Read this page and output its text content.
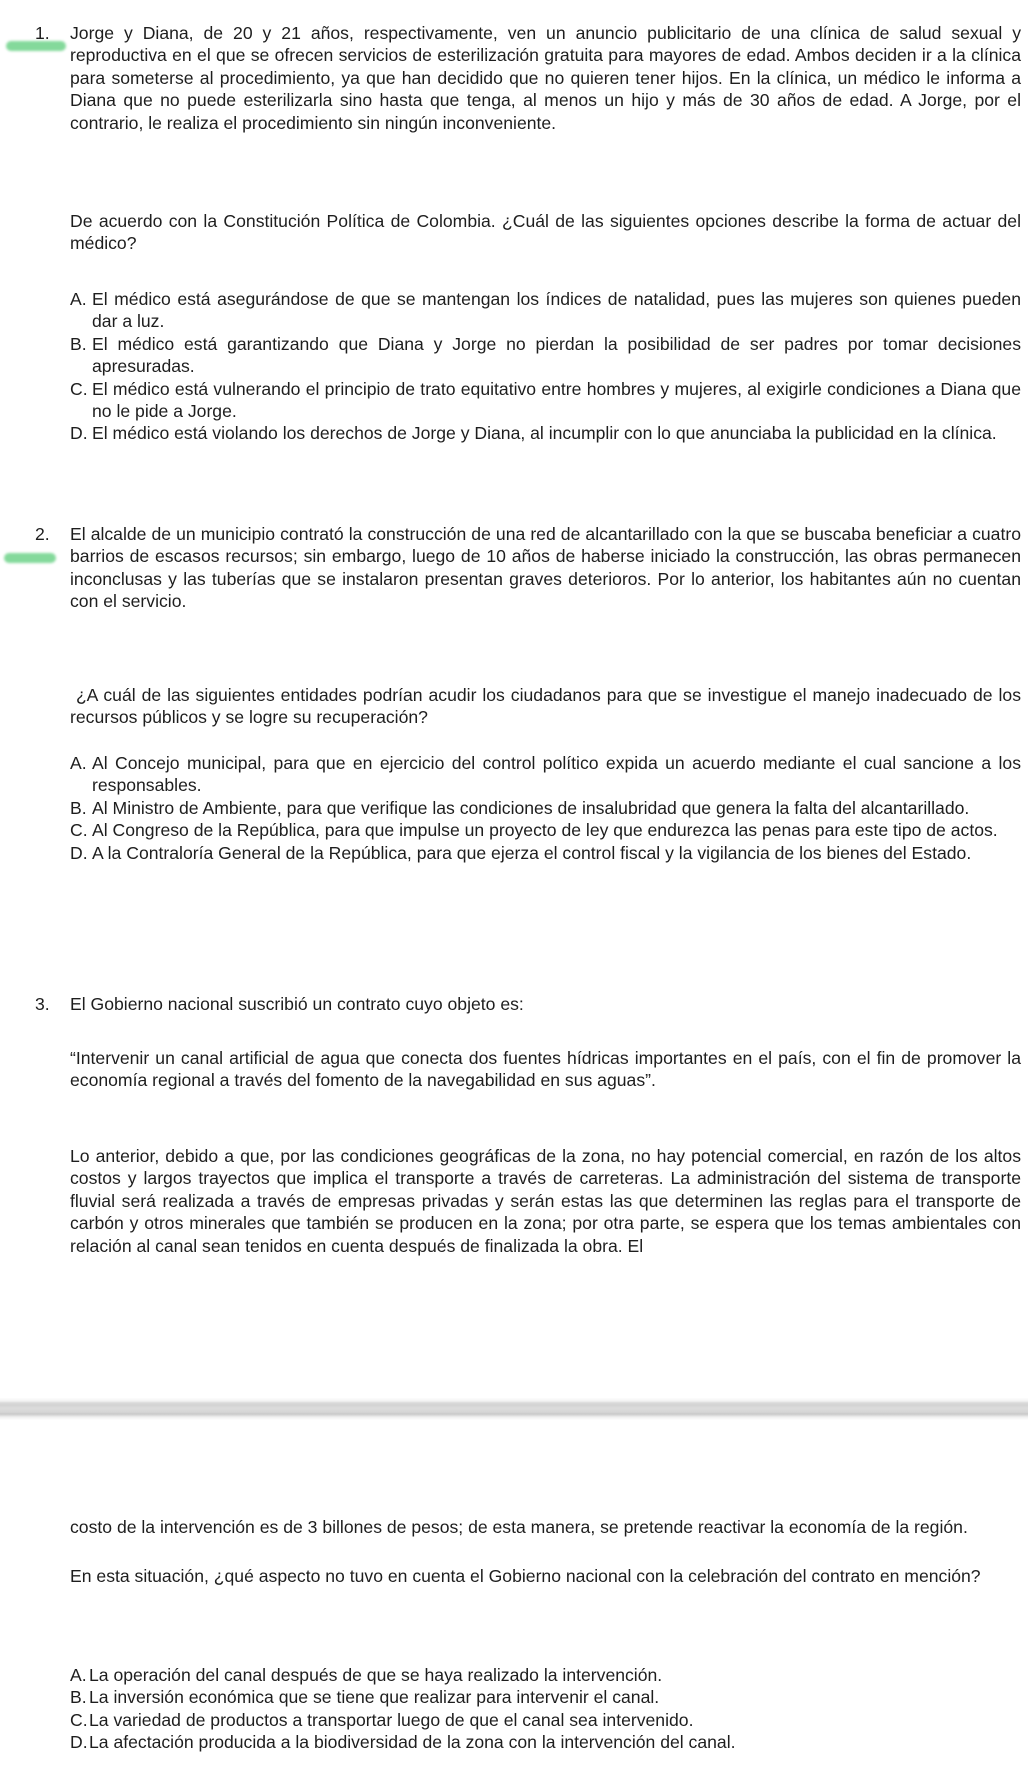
1.	Jorge y Diana, de 20 y 21 años, respectivamente, ven un anuncio publicitario de una clínica de salud sexual y reproductiva en el que se ofrecen servicios de esterilización gratuita para mayores de edad. Ambos deciden ir a la clínica para someterse al procedimiento, ya que han decidido que no quieren tener hijos. En la clínica, un médico le informa a Diana que no puede esterilizarla sino hasta que tenga, al menos un hijo y más de 30 años de edad. A Jorge, por el contrario, le realiza el procedimiento sin ningún inconveniente.
De acuerdo con la Constitución Política de Colombia. ¿Cuál de las siguientes opciones describe la forma de actuar del médico?
A. El médico está asegurándose de que se mantengan los índices de natalidad, pues las mujeres son quienes pueden dar a luz.
B. El médico está garantizando que Diana y Jorge no pierdan la posibilidad de ser padres por tomar decisiones apresuradas.
C. El médico está vulnerando el principio de trato equitativo entre hombres y mujeres, al exigirle condiciones a Diana que no le pide a Jorge.
D. El médico está violando los derechos de Jorge y Diana, al incumplir con lo que anunciaba la publicidad en la clínica.
2.	El alcalde de un municipio contrató la construcción de una red de alcantarillado con la que se buscaba beneficiar a cuatro barrios de escasos recursos; sin embargo, luego de 10 años de haberse iniciado la construcción, las obras permanecen inconclusas y las tuberías que se instalaron presentan graves deterioros. Por lo anterior, los habitantes aún no cuentan con el servicio.
¿A cuál de las siguientes entidades podrían acudir los ciudadanos para que se investigue el manejo inadecuado de los recursos públicos y se logre su recuperación?
A. Al Concejo municipal, para que en ejercicio del control político expida un acuerdo mediante el cual sancione a los responsables.
B. Al Ministro de Ambiente, para que verifique las condiciones de insalubridad que genera la falta del alcantarillado.
C. Al Congreso de la República, para que impulse un proyecto de ley que endurezca las penas para este tipo de actos.
D. A la Contraloría General de la República, para que ejerza el control fiscal y la vigilancia de los bienes del Estado.
3.	El Gobierno nacional suscribió un contrato cuyo objeto es:
“Intervenir un canal artificial de agua que conecta dos fuentes hídricas importantes en el país, con el fin de promover la economía regional a través del fomento de la navegabilidad en sus aguas”.
Lo anterior, debido a que, por las condiciones geográficas de la zona, no hay potencial comercial, en razón de los altos costos y largos trayectos que implica el transporte a través de carreteras. La administración del sistema de transporte fluvial será realizada a través de empresas privadas y serán estas las que determinen las reglas para el transporte de carbón y otros minerales que también se producen en la zona; por otra parte, se espera que los temas ambientales con relación al canal sean tenidos en cuenta después de finalizada la obra. El
costo de la intervención es de 3 billones de pesos; de esta manera, se pretende reactivar la economía de la región.
En esta situación, ¿qué aspecto no tuvo en cuenta el Gobierno nacional con la celebración del contrato en mención?
A. La operación del canal después de que se haya realizado la intervención.
B. La inversión económica que se tiene que realizar para intervenir el canal.
C. La variedad de productos a transportar luego de que el canal sea intervenido.
D. La afectación producida a la biodiversidad de la zona con la intervención del canal.
